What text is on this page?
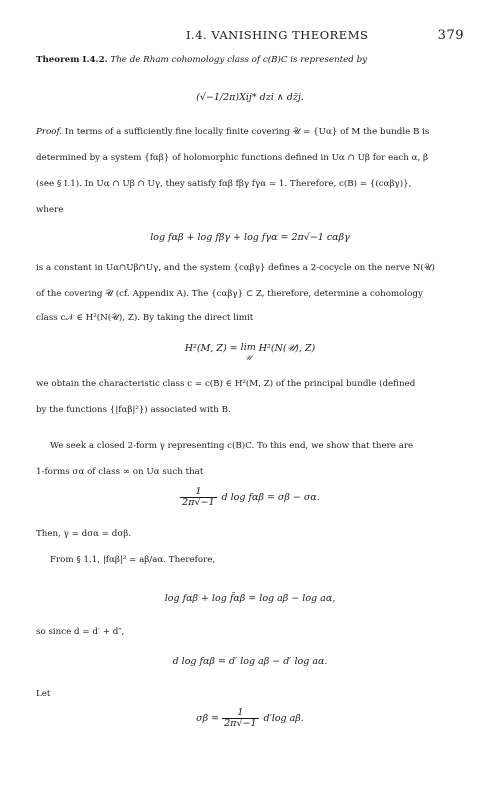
I.4. VANISHING THEOREMS	379
Theorem I.4.2. The de Rham cohomology class of c(B)C is represented by
(√−1/2π)Xij* dzi ∧ dz̄j.
Proof. In terms of a sufficiently fine locally finite covering 𝒰 = {Uα} of M the bundle B is
determined by a system {fαβ} of holomorphic functions defined in Uα ∩ Uβ for each α, β
(see § I.1). In Uα ∩ Uβ ∩ Uγ, they satisfy fαβ fβγ fγα = 1. Therefore, c(B) = {(cαβγ)},
where
log fαβ + log fβγ + log fγα = 2π√−1 cαβγ
is a constant in Uα∩Uβ∩Uγ, and the system {cαβγ} defines a 2-cocycle on the nerve N(𝒰)
of the covering 𝒰 (cf. Appendix A). The {cαβγ} ⊂ Z, therefore, determine a cohomology
class c𝒩 ∈ H²(N(𝒰), Z). By taking the direct limit
H²(M, Z) = lim
𝒰
H²(N(𝒰), Z)
we obtain the characteristic class c = c(B) ∈ H²(M, Z) of the principal bundle (defined
by the functions {|fαβ|²}) associated with B.
We seek a closed 2-form γ representing c(B)C. To this end, we show that there are
1-forms σα of class ∞ on Uα such that
$\frac{1}{2\pi√-1}$ d log fαβ = σβ − σα.
Then, γ = dσα = dσβ.
From § 1.1, |fαβ|² = aβ/aα. Therefore,
log fαβ + log f̄αβ = log aβ − log aα,
so since d = d′ + d″,
d log fαβ = d′ log aβ − d′ log aα.
Let
$\sigma\beta = \frac{1}{2\pi√-1} d'\log$ aβ.
